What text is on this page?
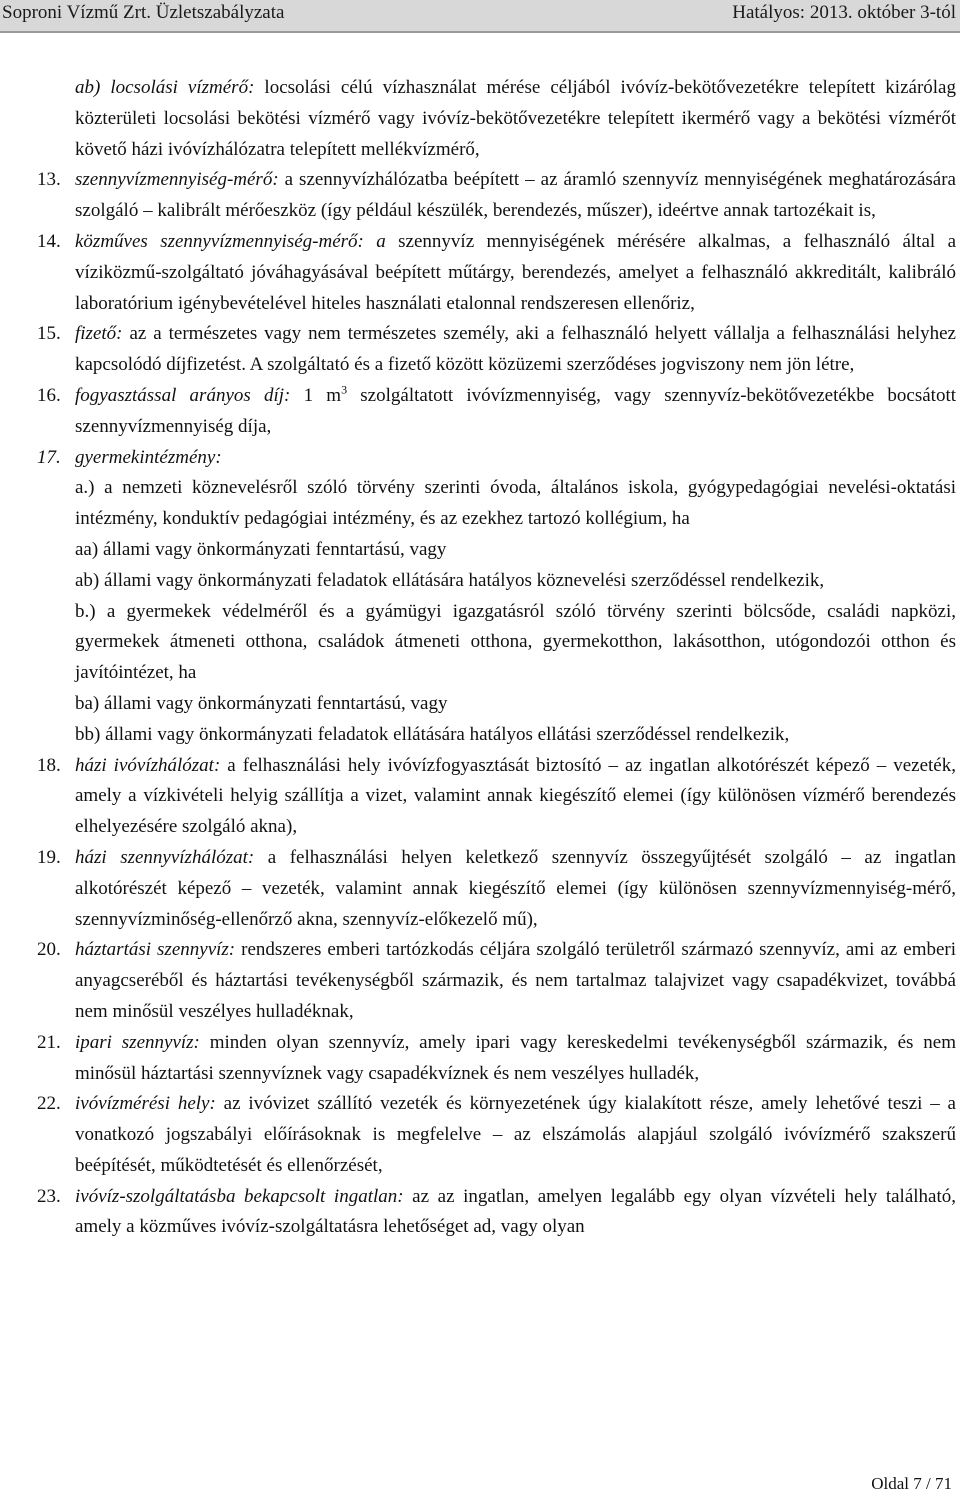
Soproni Vízmű Zrt. Üzletszabályzata	Hatályos: 2013. október 3-tól
ab) locsolási vízmérő: locsolási célú vízhasználat mérése céljából ivóvíz-bekötővezetékre telepített kizárólag közterületi locsolási bekötési vízmérő vagy ivóvíz-bekötővezetékre telepített ikermérő vagy a bekötési vízmérőt követő házi ivóvízhálózatra telepített mellékvízmérő,
13. szennyvízmennyiség-mérő: a szennyvízhálózatba beépített – az áramló szennyvíz mennyiségének meghatározására szolgáló – kalibrált mérőeszköz (így például készülék, berendezés, műszer), ideértve annak tartozékait is,
14. közműves szennyvízmennyiség-mérő: a szennyvíz mennyiségének mérésére alkalmas, a felhasználó által a víziközmű-szolgáltató jóváhagyásával beépített műtárgy, berendezés, amelyet a felhasználó akkreditált, kalibráló laboratórium igénybevételével hiteles használati etalonnal rendszeresen ellenőriz,
15. fizető: az a természetes vagy nem természetes személy, aki a felhasználó helyett vállalja a felhasználási helyhez kapcsolódó díjfizetést. A szolgáltató és a fizető között közüzemi szerződéses jogviszony nem jön létre,
16. fogyasztással arányos díj: 1 $m^3$ szolgáltatott ivóvízmennyiség, vagy szennyvíz-bekötővezetékbe bocsátott szennyvízmennyiség díja,
17. gyermekintézmény:
a.) a nemzeti köznevelésről szóló törvény szerinti óvoda, általános iskola, gyógypedagógiai nevelési-oktatási intézmény, konduktív pedagógiai intézmény, és az ezekhez tartozó kollégium, ha
aa) állami vagy önkormányzati fenntartású, vagy
ab) állami vagy önkormányzati feladatok ellátására hatályos köznevelési szerződéssel rendelkezik,
b.) a gyermekek védelméről és a gyámügyi igazgatásról szóló törvény szerinti bölcsőde, családi napközi, gyermekek átmeneti otthona, családok átmeneti otthona, gyermekotthon, lakásotthon, utógondozói otthon és javítóintézet, ha
ba) állami vagy önkormányzati fenntartású, vagy
bb) állami vagy önkormányzati feladatok ellátására hatályos ellátási szerződéssel rendelkezik,
18. házi ivóvízhálózat: a felhasználási hely ivóvízfogyasztását biztosító – az ingatlan alkotórészét képező – vezeték, amely a vízkivételi helyig szállítja a vizet, valamint annak kiegészítő elemei (így különösen vízmérő berendezés elhelyezésére szolgáló akna),
19. házi szennyvízhálózat: a felhasználási helyen keletkező szennyvíz összegyűjtését szolgáló – az ingatlan alkotórészét képező – vezeték, valamint annak kiegészítő elemei (így különösen szennyvízmennyiség-mérő, szennyvízminőség-ellenőrző akna, szennyvíz-előkezelő mű),
20. háztartási szennyvíz: rendszeres emberi tartózkodás céljára szolgáló területről származó szennyvíz, ami az emberi anyagcseréből és háztartási tevékenységből származik, és nem tartalmaz talajvizet vagy csapadékvizet, továbbá nem minősül veszélyes hulladéknak,
21. ipari szennyvíz: minden olyan szennyvíz, amely ipari vagy kereskedelmi tevékenységből származik, és nem minősül háztartási szennyvíznek vagy csapadékvíznek és nem veszélyes hulladék,
22. ivóvízmérési hely: az ivóvizet szállító vezeték és környezetének úgy kialakított része, amely lehetővé teszi – a vonatkozó jogszabályi előírásoknak is megfelelve – az elszámolás alapjául szolgáló ivóvízmérő szakszerű beépítését, működtetését és ellenőrzését,
23. ivóvíz-szolgáltatásba bekapcsolt ingatlan: az az ingatlan, amelyen legalább egy olyan vízvételi hely található, amely a közműves ivóvíz-szolgáltatásra lehetőséget ad, vagy olyan
Oldal 7 / 71
